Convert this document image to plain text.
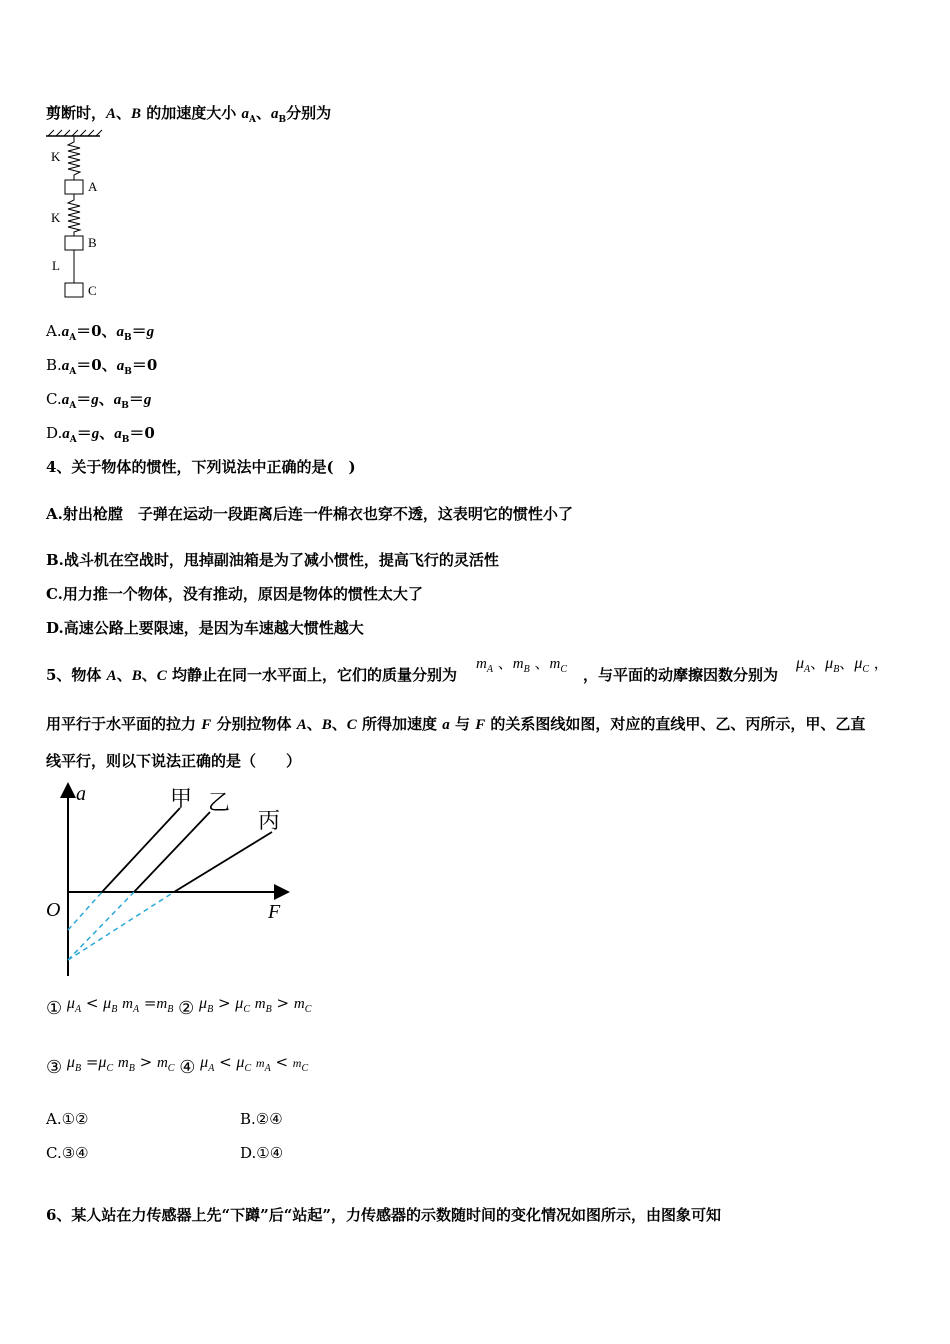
剪断时，A、B 的加速度大小 $a_A$、$a_B$分别为
K
A
K
B
L
C
$A.a_A=0$、$a_B=g$
$B.a_A=0$、$a_B=0$
$C.a_A=g$、$a_B=g$
$D.a_A=g$、$a_B=0$
4、关于物体的惯性，下列说法中正确的是(　)
A.射出枪膛　子弹在运动一段距离后连一件棉衣也穿不透，这表明它的惯性小了
B.战斗机在空战时，甩掉副油箱是为了减小惯性，提高飞行的灵活性
C.用力推一个物体，没有推动，原因是物体的惯性太大了
D.高速公路上要限速，是因为车速越大惯性越大
5、物体 A、B、C 均静止在同一水平面上，它们的质量分别为
$m_A$ 、$m_B$ 、$m_C$ ，与平面的动摩擦因数分别为
$\mu_A$、$\mu_B$、$\mu_C$ ，
用平行于水平面的拉力 F 分别拉物体 A、B、C 所得加速度 a 与 F 的关系图线如图，对应的直线甲、乙、丙所示，甲、乙直
线平行，则以下说法正确的是（　　）
a
F
O
甲 乙
丙
① $\mu_A < \mu_B$ $m_A =m_B$ ② $\mu_B > \mu_C$ $m_B > m_C$
③ $\mu_B =\mu_C$ $m_B > m_C$ ④ $\mu_A < \mu_C$ $m_A < m_C$
A.①②	B.②④
C.③④	D.①④
6、某人站在力传感器上先“下蹲”后“站起”，力传感器的示数随时间的变化情况如图所示，由图象可知
